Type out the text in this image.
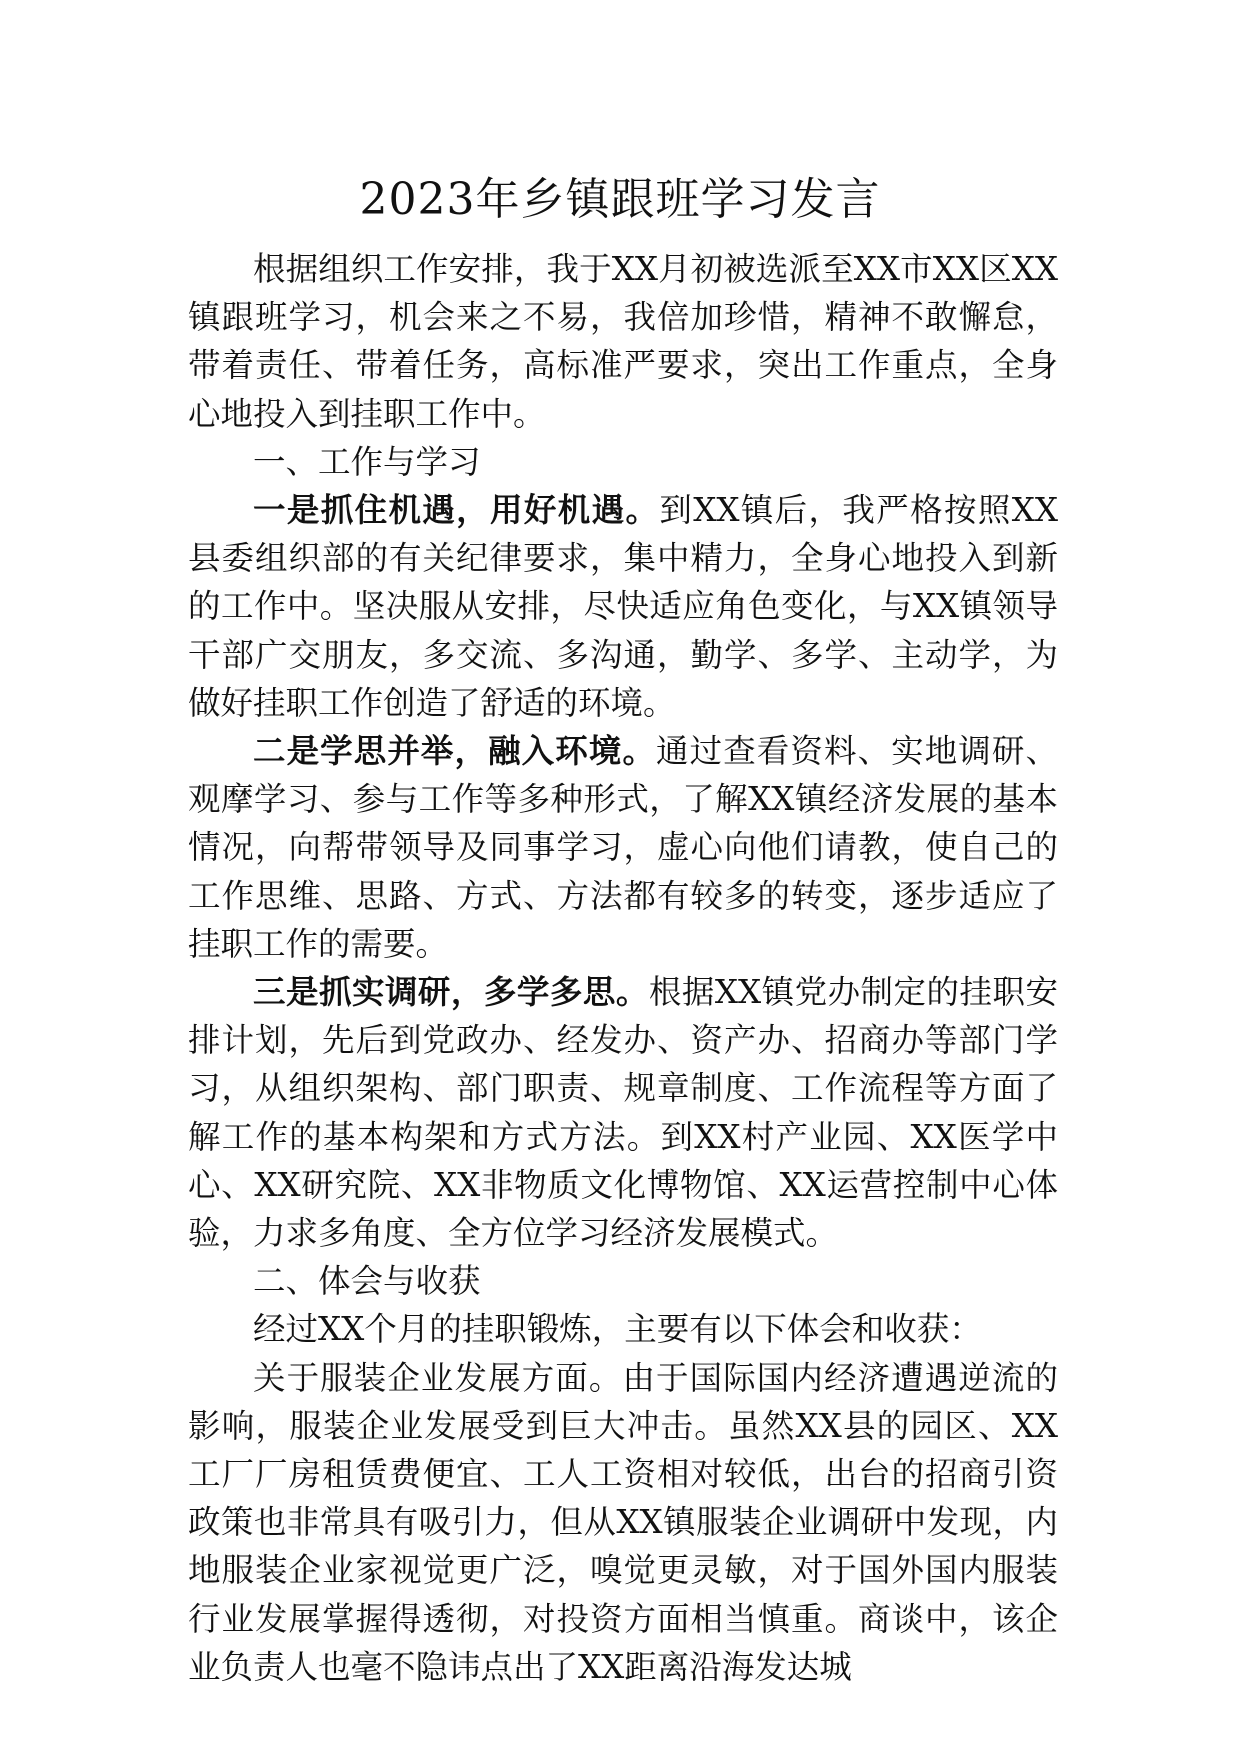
2023年乡镇跟班学习发言

根据组织工作安排，我于XX月初被选派至XX市XX区XX镇跟班学习，机会来之不易，我倍加珍惜，精神不敢懈怠，带着责任、带着任务，高标准严要求，突出工作重点，全身心地投入到挂职工作中。

一、工作与学习

一是抓住机遇，用好机遇。到XX镇后，我严格按照XX县委组织部的有关纪律要求，集中精力，全身心地投入到新的工作中。坚决服从安排，尽快适应角色变化，与XX镇领导干部广交朋友，多交流、多沟通，勤学、多学、主动学，为做好挂职工作创造了舒适的环境。

二是学思并举，融入环境。通过查看资料、实地调研、观摩学习、参与工作等多种形式，了解XX镇经济发展的基本情况，向帮带领导及同事学习，虚心向他们请教，使自己的工作思维、思路、方式、方法都有较多的转变，逐步适应了挂职工作的需要。

三是抓实调研，多学多思。根据XX镇党办制定的挂职安排计划，先后到党政办、经发办、资产办、招商办等部门学习，从组织架构、部门职责、规章制度、工作流程等方面了解工作的基本构架和方式方法。到XX村产业园、XX医学中心、XX研究院、XX非物质文化博物馆、XX运营控制中心体验，力求多角度、全方位学习经济发展模式。

二、体会与收获

经过XX个月的挂职锻炼，主要有以下体会和收获：

关于服装企业发展方面。由于国际国内经济遭遇逆流的影响，服装企业发展受到巨大冲击。虽然XX县的园区、XX工厂厂房租赁费便宜、工人工资相对较低，出台的招商引资政策也非常具有吸引力，但从XX镇服装企业调研中发现，内地服装企业家视觉更广泛，嗅觉更灵敏，对于国外国内服装行业发展掌握得透彻，对投资方面相当慎重。商谈中，该企业负责人也毫不隐讳点出了XX距离沿海发达城
